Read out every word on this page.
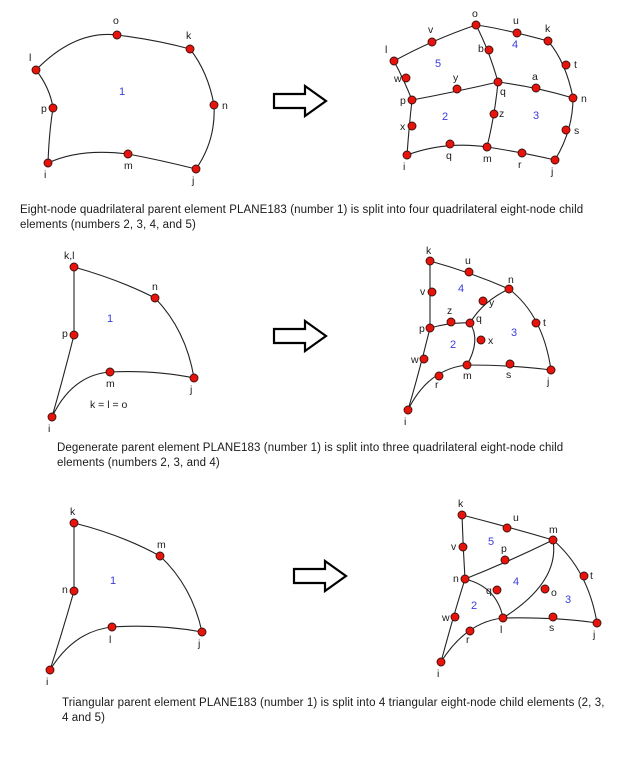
o
k
l
p	n
i
m
j
1
v
o
u
k
l	b
t
w	y
q
a
p	n
x
z
s
i
q	m	r
j
5
4
2	3
Eight-node quadrilateral parent element PLANE183 (number 1) is split into four quadrilateral eight-node child elements (numbers 2, 3, 4, and 5)
k,l
n
p
m	j
i
1
k = l = o
k
u
v
n
z
y
p
q	t
x
w
m	s
j
r
i
4
2
3
Degenerate parent element PLANE183 (number 1) is split into three quadrilateral eight-node child elements (numbers 2, 3, and 4)
k
m
n
l	j
i
1
k
u
v	p
m
n
q	o
t
w
l	s
j
r
i
5
4
2	3
Triangular parent element PLANE183 (number 1) is split into 4 triangular eight-node child elements (2, 3, 4 and 5)
